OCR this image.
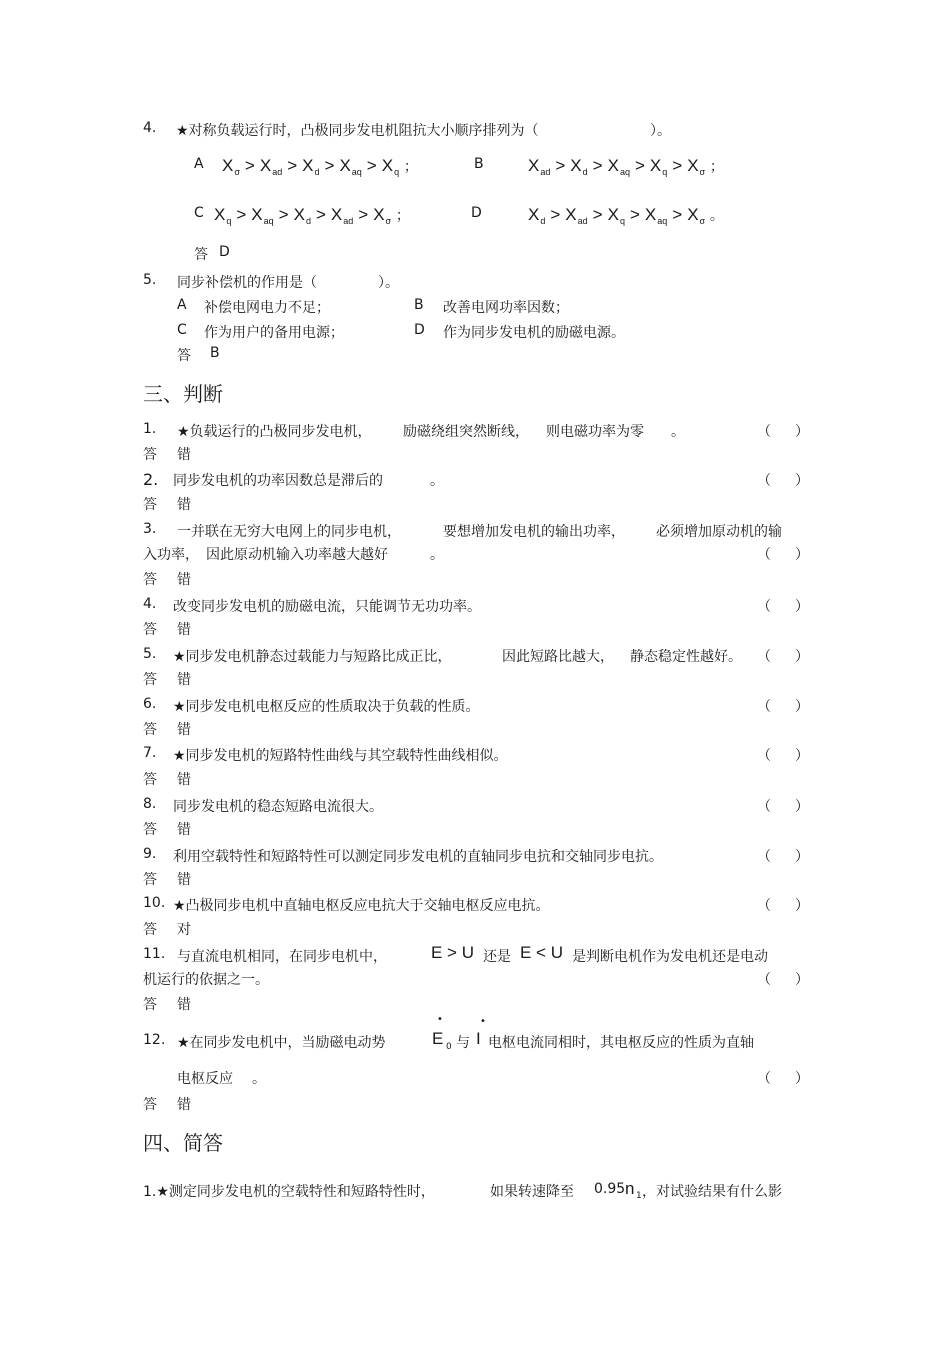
4. ★对称负载运行时，凸极同步发电机阻抗大小顺序排列为（	）。
A $X_\sigma > X_{ad} > X_d > X_{aq} > X_q$ ；	B	$X_{ad} > X_d > X_{aq} > X_q > X_\sigma$ ；
C $X_q > X_{aq} > X_d > X_{ad} > X_\sigma$ ；	D	$X_d > X_{ad} > X_q > X_{aq} > X_\sigma$ 。
答 D
5. 同步补偿机的作用是（	）。
A 补偿电网电力不足；	B 改善电网功率因数；
C 作为用户的备用电源；	D 作为同步发电机的励磁电源。
答 B
三、判断
1. ★负载运行的凸极同步发电机， 励磁绕组突然断线， 则电磁功率为零 。	（ ）
答 错
2. 同步发电机的功率因数总是滞后的	。	（ ）
答 错
3. 一并联在无穷大电网上的同步电机，	要想增加发电机的输出功率， 必须增加原动机的输
入功率， 因此原动机输入功率越大越好	。	（ ）
答 错
4. 改变同步发电机的励磁电流，只能调节无功功率。	（ ）
答 错
5. ★同步发电机静态过载能力与短路比成正比，	因此短路比越大， 静态稳定性越好。 （ ）
答 错
6. ★同步发电机电枢反应的性质取决于负载的性质。	（ ）
答 错
7. ★同步发电机的短路特性曲线与其空载特性曲线相似。	（ ）
答 错
8. 同步发电机的稳态短路电流很大。	（ ）
答 错
9. 利用空载特性和短路特性可以测定同步发电机的直轴同步电抗和交轴同步电抗。	（ ）
答 错
10. ★凸极同步电机中直轴电枢反应电抗大于交轴电枢反应电抗。	（ ）
答 对
11. 与直流电机相同，在同步电机中，	E > U 还是 E < U 是判断电机作为发电机还是电动
机运行的依据之一。	（ ）
答 错
12. ★在同步发电机中，当励磁电动势
•
E 0 与
•
I 电枢电流同相时，其电枢反应的性质为直轴
电枢反应 。	（ ）
答 错
四、简答
1.★测定同步发电机的空载特性和短路特性时，	如果转速降至 0.95 n 1 ，对试验结果有什么影
